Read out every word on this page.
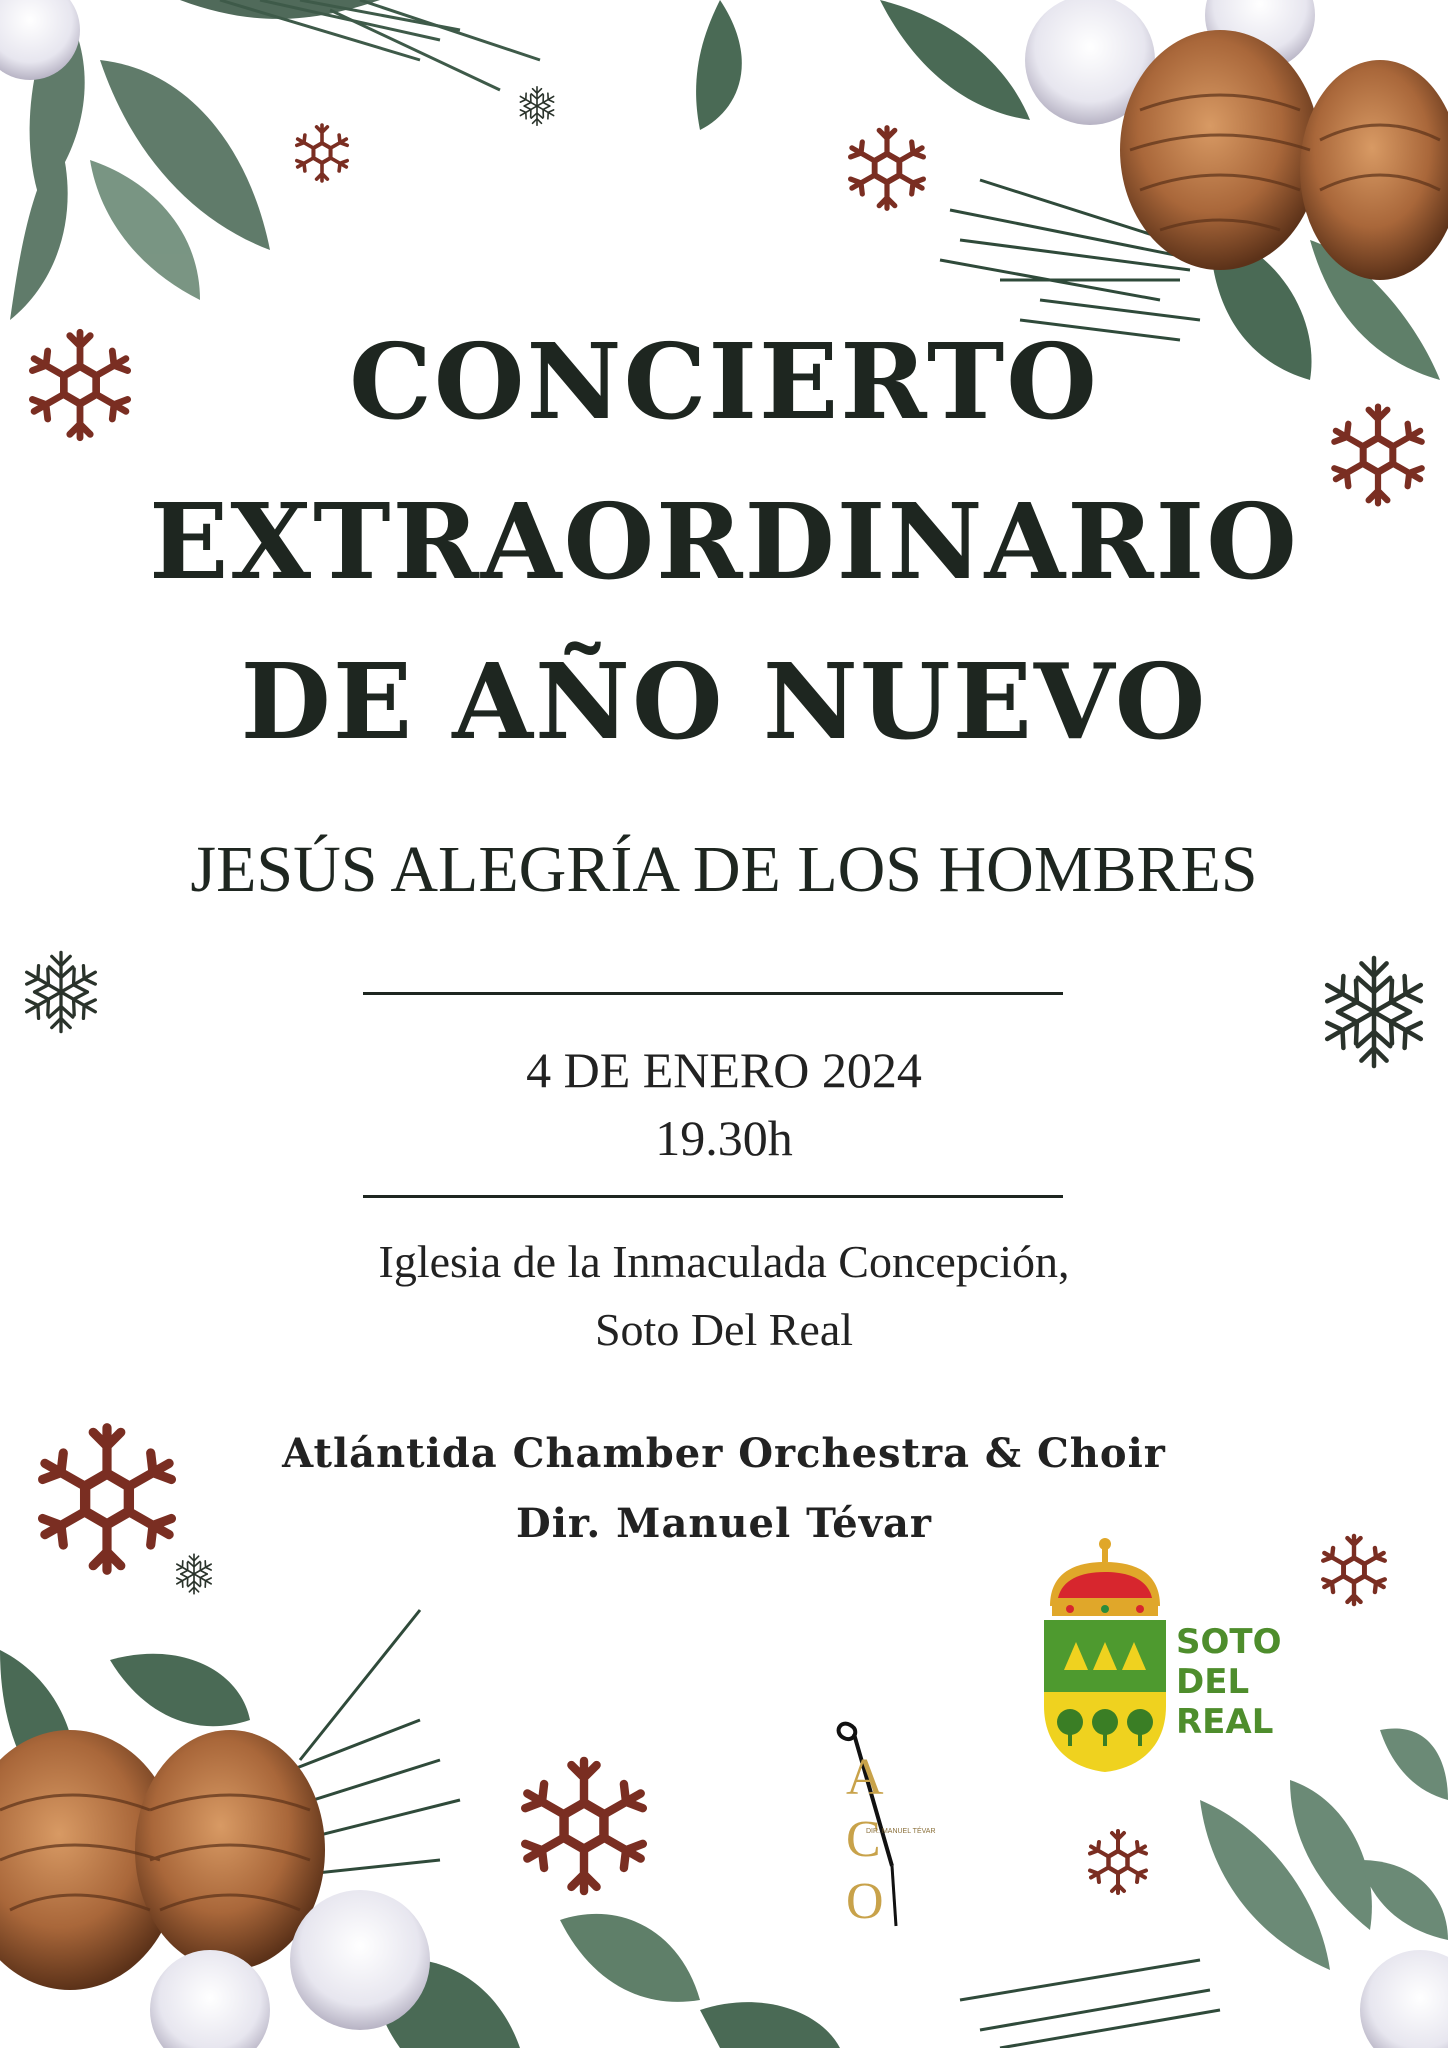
CONCIERTO
EXTRAORDINARIO
DE AÑO NUEVO
JESÚS ALEGRÍA DE LOS HOMBRES
4 DE ENERO 2024
19.30h
Iglesia de la Inmaculada Concepción,
Soto Del Real
Atlántida Chamber Orchestra & Choir
Dir. Manuel Tévar
SOTO
DEL
REAL
A
C
O
DIR. MANUEL TÉVAR
